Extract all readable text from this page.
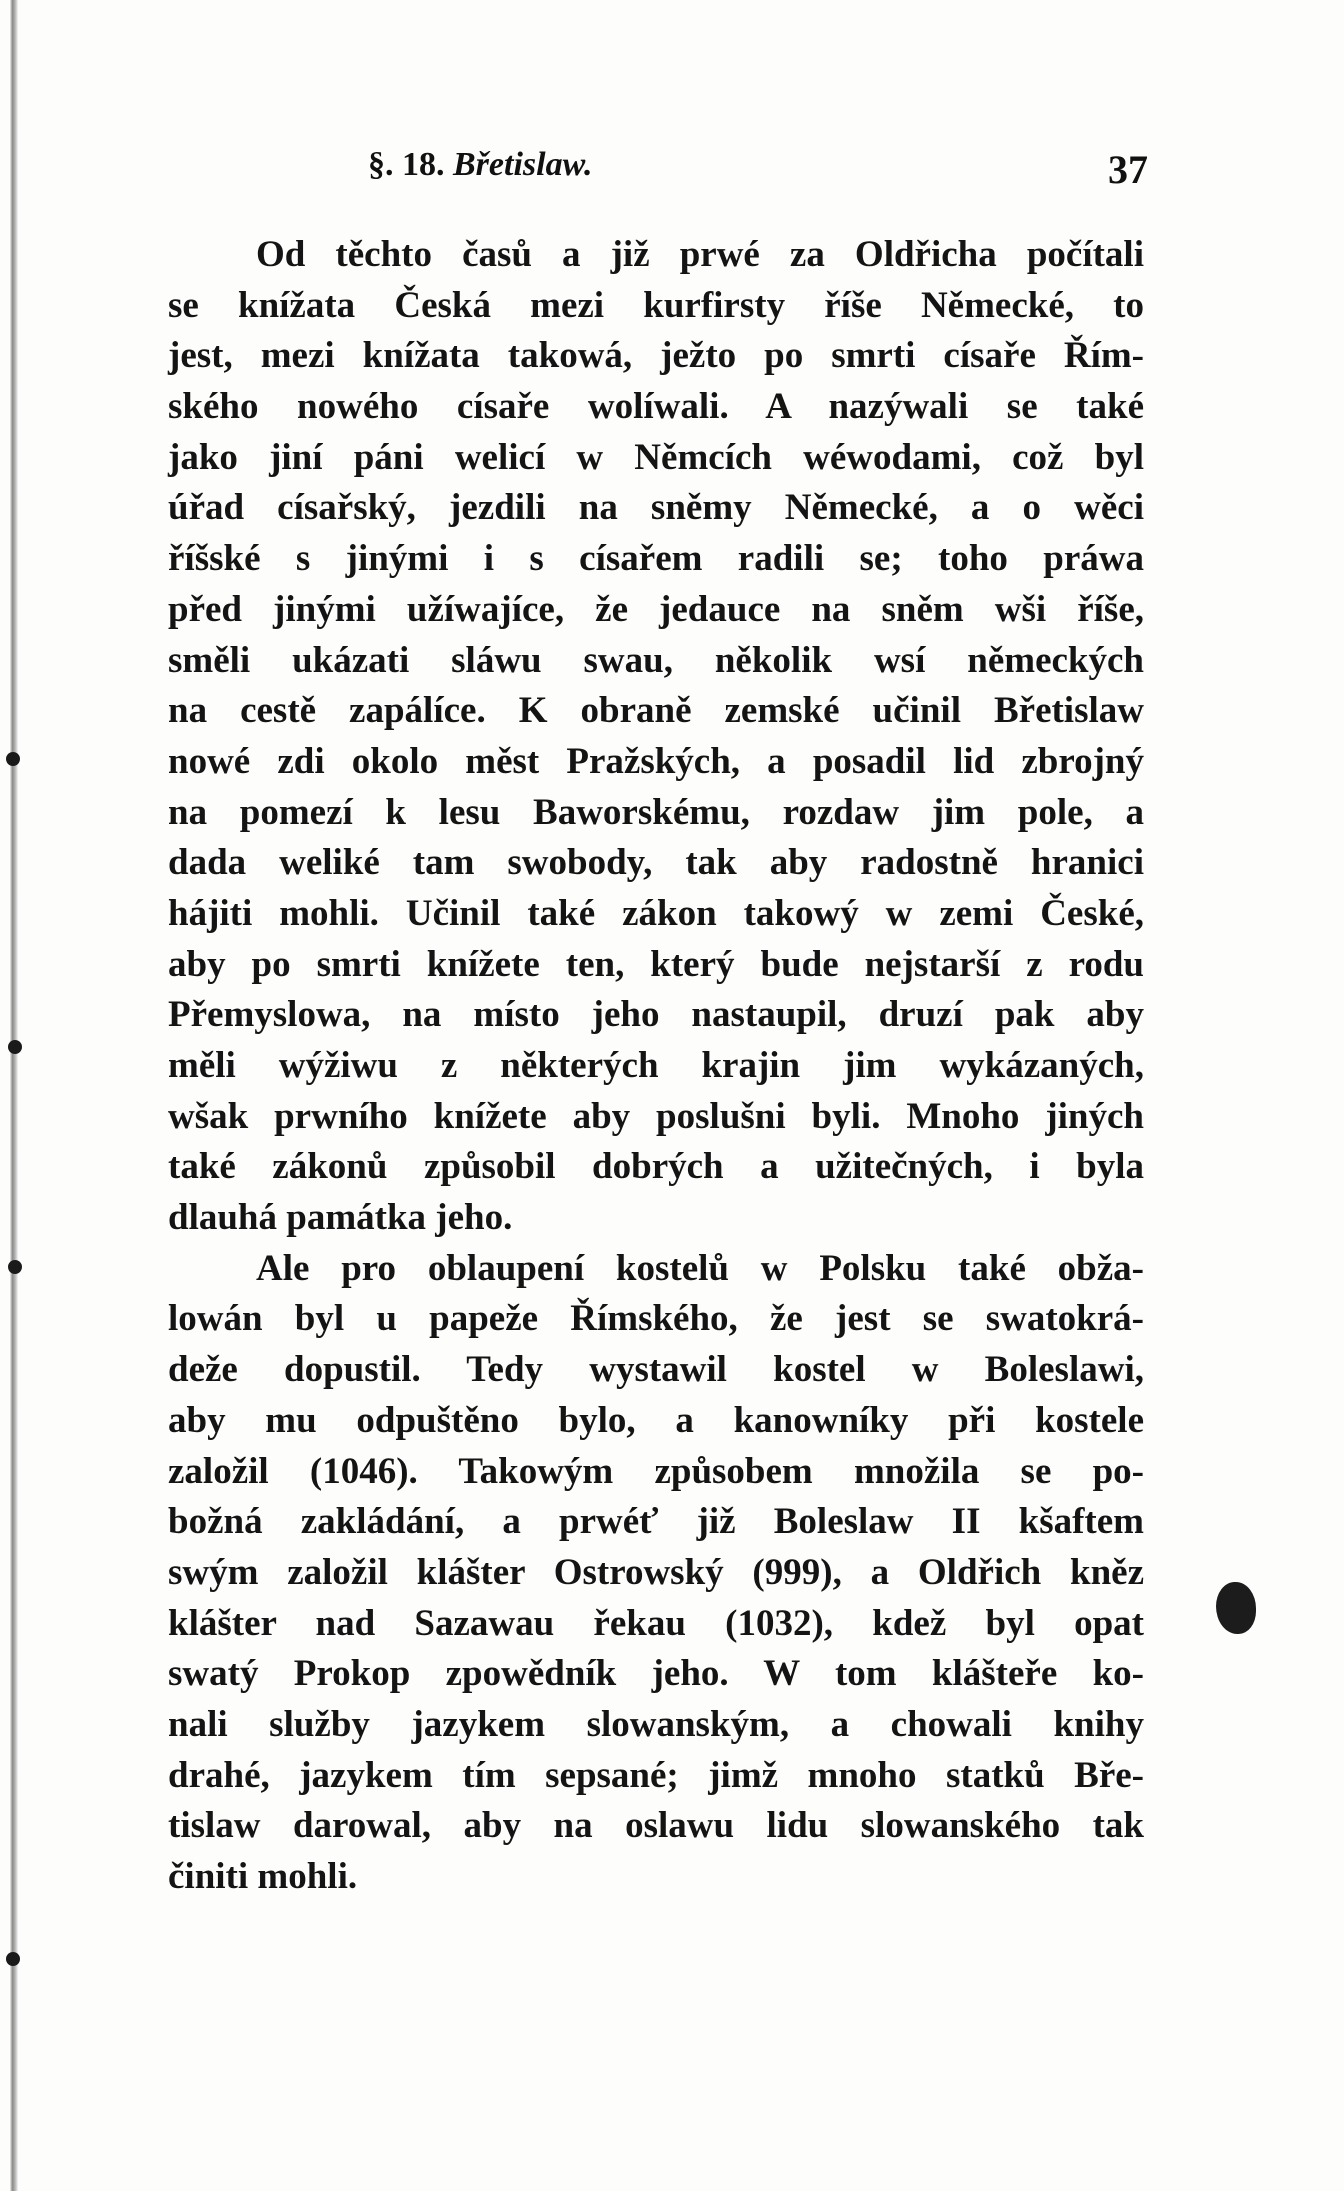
§. 18. Břetislaw.	37
Od těchto časů a již prwé za Oldřicha počítali
se knížata Česká mezi kurfirsty říše Německé, to
jest, mezi knížata takowá, ježto po smrti císaře Řím-
ského nowého císaře wolíwali. A nazýwali se také
jako jiní páni welicí w Němcích wéwodami, což byl
úřad císařský, jezdili na sněmy Německé, a o wěci
říšské s jinými i s císařem radili se; toho práwa
před jinými užíwajíce, že jedauce na sněm wši říše,
směli ukázati sláwu swau, několik wsí německých
na cestě zapálíce. K obraně zemské učinil Břetislaw
nowé zdi okolo měst Pražských, a posadil lid zbrojný
na pomezí k lesu Baworskému, rozdaw jim pole, a
dada weliké tam swobody, tak aby radostně hranici
hájiti mohli. Učinil také zákon takowý w zemi České,
aby po smrti knížete ten, který bude nejstarší z rodu
Přemyslowa, na místo jeho nastaupil, druzí pak aby
měli wýžiwu z některých krajin jim wykázaných,
wšak prwního knížete aby poslušni byli. Mnoho jiných
také zákonů způsobil dobrých a užitečných, i byla
dlauhá památka jeho.
Ale pro oblaupení kostelů w Polsku také obža-
lowán byl u papeže Římského, že jest se swatokrá-
deže dopustil. Tedy wystawil kostel w Boleslawi,
aby mu odpuštěno bylo, a kanowníky při kostele
založil (1046). Takowým způsobem množila se po-
božná zakládání, a prwéť již Boleslaw II kšaftem
swým založil klášter Ostrowský (999), a Oldřich kněz
klášter nad Sazawau řekau (1032), kdež byl opat
swatý Prokop zpowědník jeho. W tom klášteře ko-
nali služby jazykem slowanským, a chowali knihy
drahé, jazykem tím sepsané; jimž mnoho statků Bře-
tislaw darowal, aby na oslawu lidu slowanského tak
činiti mohli.
